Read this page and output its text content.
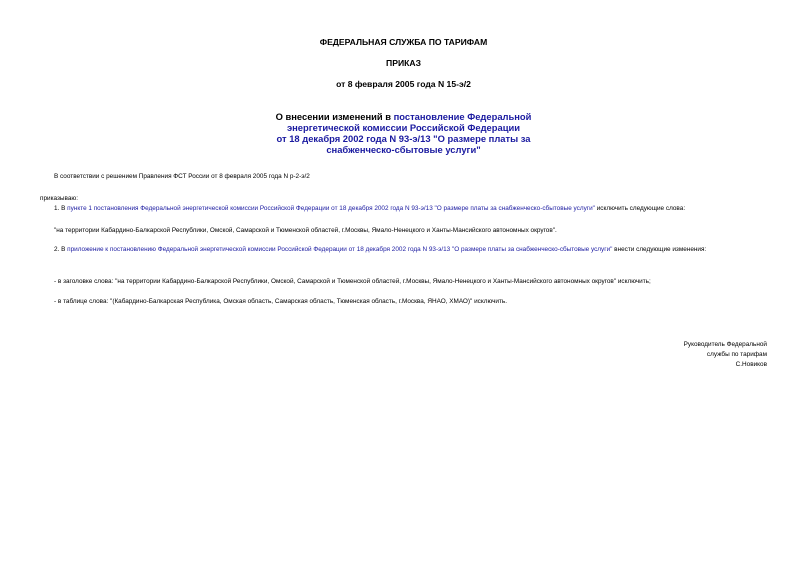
ФЕДЕРАЛЬНАЯ СЛУЖБА ПО ТАРИФАМ
ПРИКАЗ
от 8 февраля 2005 года N 15-э/2
О внесении изменений в постановление Федеральной
энергетической комиссии Российской Федерации
от 18 декабря 2002 года N 93-э/13 "О размере платы за
снабженческо-сбытовые услуги"
В соответствии с решением Правления ФСТ России от 8 февраля 2005 года N р-2-э/2
приказываю:
1. В пункте 1 постановления Федеральной энергетической комиссии Российской Федерации от 18 декабря 2002 года N 93-э/13 "О размере платы за снабженческо-сбытовые услуги" исключить следующие слова:
"на территории Кабардино-Балкарской Республики, Омской, Самарской и Тюменской областей, г.Москвы, Ямало-Ненецкого и Ханты-Мансийского автономных округов".
2. В приложение к постановлению Федеральной энергетической комиссии Российской Федерации от 18 декабря 2002 года N 93-э/13 "О размере платы за снабженческо-сбытовые услуги" внести следующие изменения:
- в заголовке слова: "на территории Кабардино-Балкарской Республики, Омской, Самарской и Тюменской областей, г.Москвы, Ямало-Ненецкого и Ханты-Мансийского автономных округов" исключить;
- в таблице слова: "(Кабардино-Балкарская Республика, Омская область, Самарская область, Тюменская область, г.Москва, ЯНАО, ХМАО)" исключить.
Руководитель Федеральной
службы по тарифам
С.Новиков
